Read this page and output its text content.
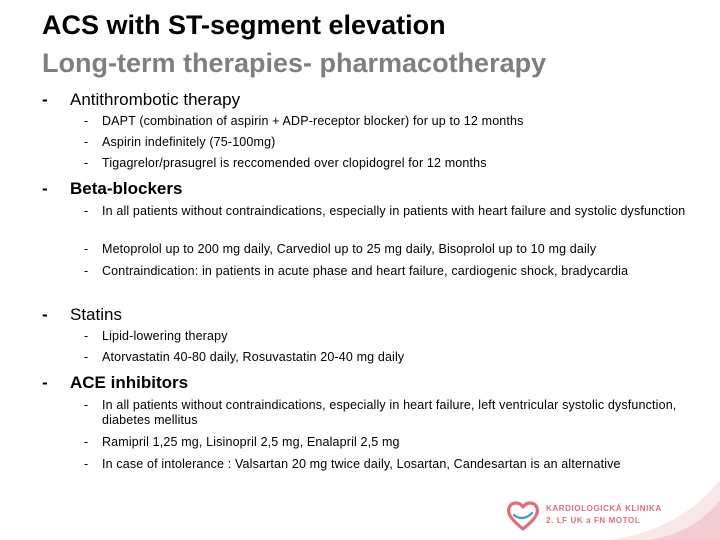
ACS with ST-segment elevation
Long-term therapies- pharmacotherapy
- Antithrombotic therapy
- DAPT (combination of aspirin + ADP-receptor blocker) for up to 12 months
- Aspirin indefinitely (75-100mg)
- Tigagrelor/prasugrel is reccomended over clopidogrel for 12 months
- Beta-blockers
- In all patients without contraindications, especially in patients with heart failure and systolic dysfunction
- Metoprolol up to 200 mg daily, Carvediol up to 25 mg daily, Bisoprolol up to 10 mg daily
- Contraindication: in patients in acute phase and heart failure, cardiogenic shock, bradycardia
- Statins
- Lipid-lowering therapy
- Atorvastatin 40-80 daily, Rosuvastatin 20-40 mg daily
- ACE inhibitors
- In all patients without contraindications, especially in heart failure, left ventricular systolic dysfunction, diabetes mellitus
- Ramipril 1,25 mg, Lisinopril 2,5 mg, Enalapril 2,5 mg
- In case of intolerance : Valsartan 20 mg twice daily, Losartan, Candesartan is an alternative
KARDIOLOGICKÁ KLINIKA
2. LF UK a FN MOTOL
